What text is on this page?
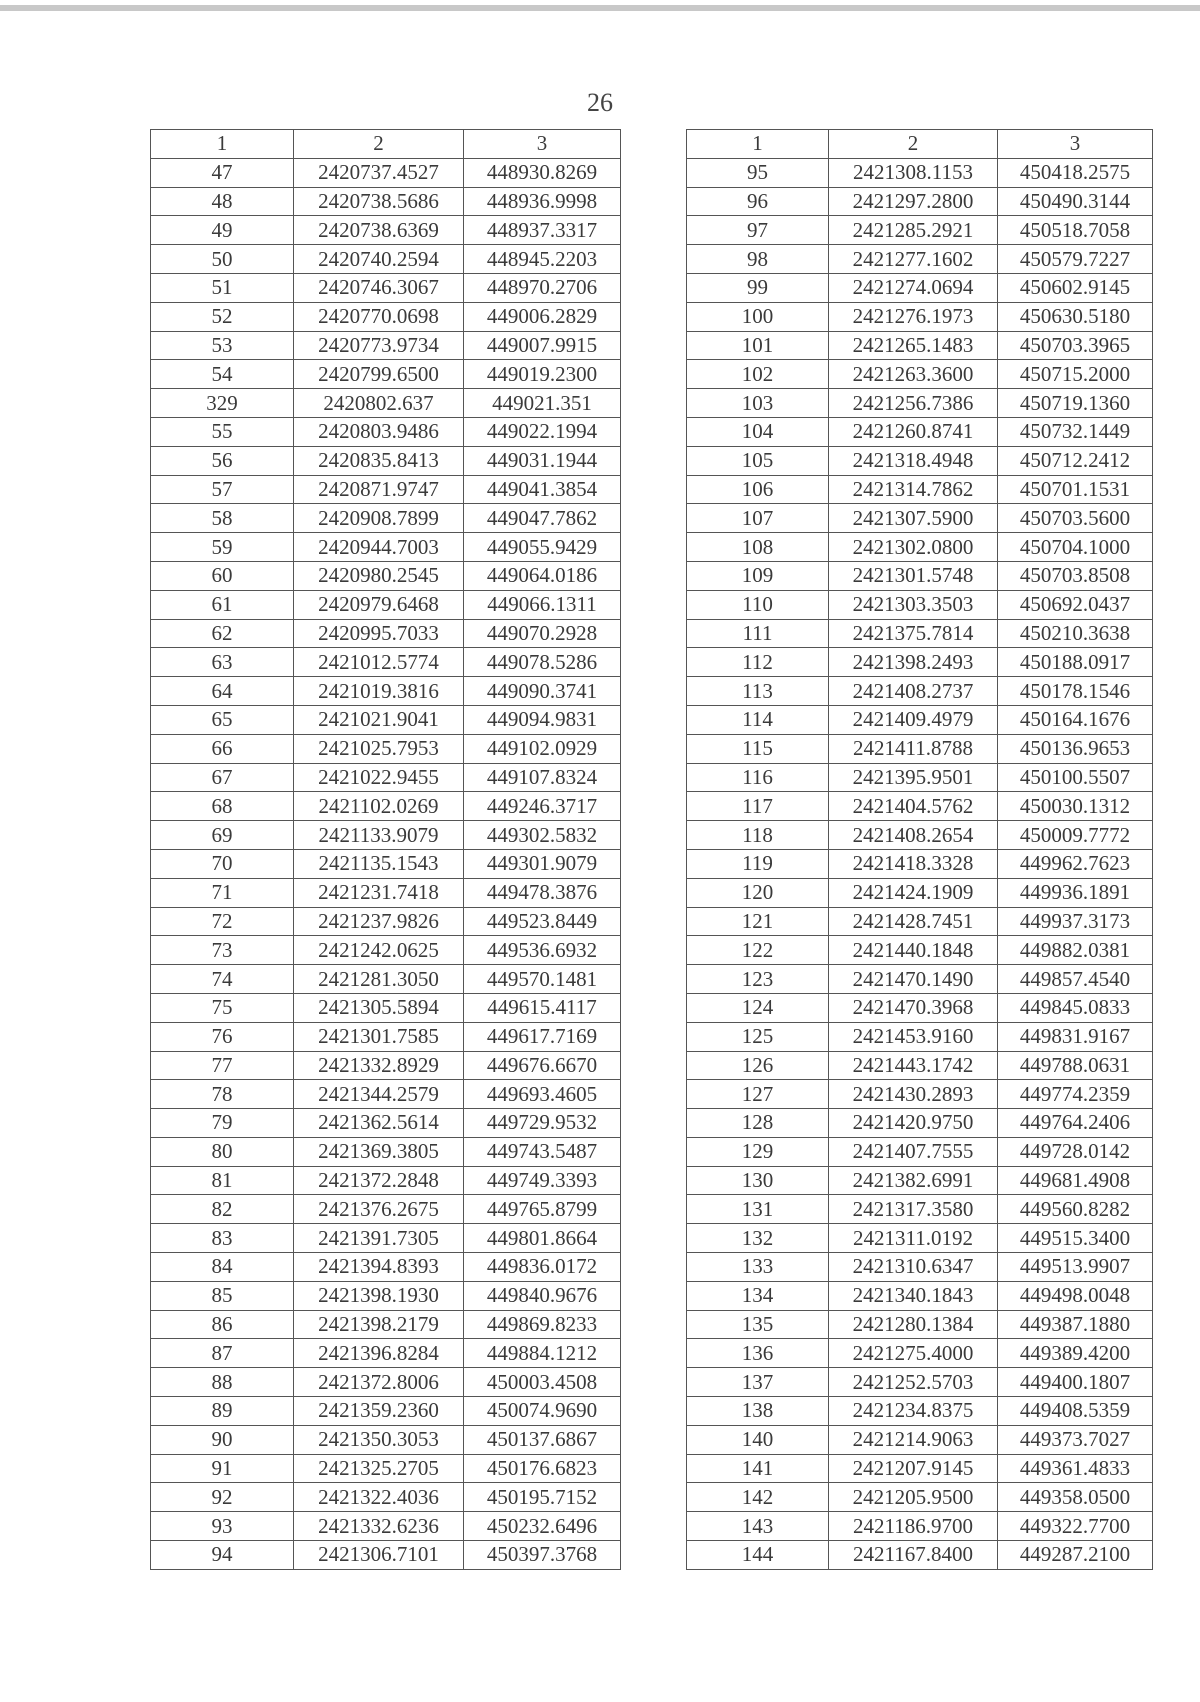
26
1	2	3
47	2420737.4527	448930.8269
48	2420738.5686	448936.9998
49	2420738.6369	448937.3317
50	2420740.2594	448945.2203
51	2420746.3067	448970.2706
52	2420770.0698	449006.2829
53	2420773.9734	449007.9915
54	2420799.6500	449019.2300
329	2420802.637	449021.351
55	2420803.9486	449022.1994
56	2420835.8413	449031.1944
57	2420871.9747	449041.3854
58	2420908.7899	449047.7862
59	2420944.7003	449055.9429
60	2420980.2545	449064.0186
61	2420979.6468	449066.1311
62	2420995.7033	449070.2928
63	2421012.5774	449078.5286
64	2421019.3816	449090.3741
65	2421021.9041	449094.9831
66	2421025.7953	449102.0929
67	2421022.9455	449107.8324
68	2421102.0269	449246.3717
69	2421133.9079	449302.5832
70	2421135.1543	449301.9079
71	2421231.7418	449478.3876
72	2421237.9826	449523.8449
73	2421242.0625	449536.6932
74	2421281.3050	449570.1481
75	2421305.5894	449615.4117
76	2421301.7585	449617.7169
77	2421332.8929	449676.6670
78	2421344.2579	449693.4605
79	2421362.5614	449729.9532
80	2421369.3805	449743.5487
81	2421372.2848	449749.3393
82	2421376.2675	449765.8799
83	2421391.7305	449801.8664
84	2421394.8393	449836.0172
85	2421398.1930	449840.9676
86	2421398.2179	449869.8233
87	2421396.8284	449884.1212
88	2421372.8006	450003.4508
89	2421359.2360	450074.9690
90	2421350.3053	450137.6867
91	2421325.2705	450176.6823
92	2421322.4036	450195.7152
93	2421332.6236	450232.6496
94	2421306.7101	450397.3768
1	2	3
95	2421308.1153	450418.2575
96	2421297.2800	450490.3144
97	2421285.2921	450518.7058
98	2421277.1602	450579.7227
99	2421274.0694	450602.9145
100	2421276.1973	450630.5180
101	2421265.1483	450703.3965
102	2421263.3600	450715.2000
103	2421256.7386	450719.1360
104	2421260.8741	450732.1449
105	2421318.4948	450712.2412
106	2421314.7862	450701.1531
107	2421307.5900	450703.5600
108	2421302.0800	450704.1000
109	2421301.5748	450703.8508
110	2421303.3503	450692.0437
111	2421375.7814	450210.3638
112	2421398.2493	450188.0917
113	2421408.2737	450178.1546
114	2421409.4979	450164.1676
115	2421411.8788	450136.9653
116	2421395.9501	450100.5507
117	2421404.5762	450030.1312
118	2421408.2654	450009.7772
119	2421418.3328	449962.7623
120	2421424.1909	449936.1891
121	2421428.7451	449937.3173
122	2421440.1848	449882.0381
123	2421470.1490	449857.4540
124	2421470.3968	449845.0833
125	2421453.9160	449831.9167
126	2421443.1742	449788.0631
127	2421430.2893	449774.2359
128	2421420.9750	449764.2406
129	2421407.7555	449728.0142
130	2421382.6991	449681.4908
131	2421317.3580	449560.8282
132	2421311.0192	449515.3400
133	2421310.6347	449513.9907
134	2421340.1843	449498.0048
135	2421280.1384	449387.1880
136	2421275.4000	449389.4200
137	2421252.5703	449400.1807
138	2421234.8375	449408.5359
140	2421214.9063	449373.7027
141	2421207.9145	449361.4833
142	2421205.9500	449358.0500
143	2421186.9700	449322.7700
144	2421167.8400	449287.2100
